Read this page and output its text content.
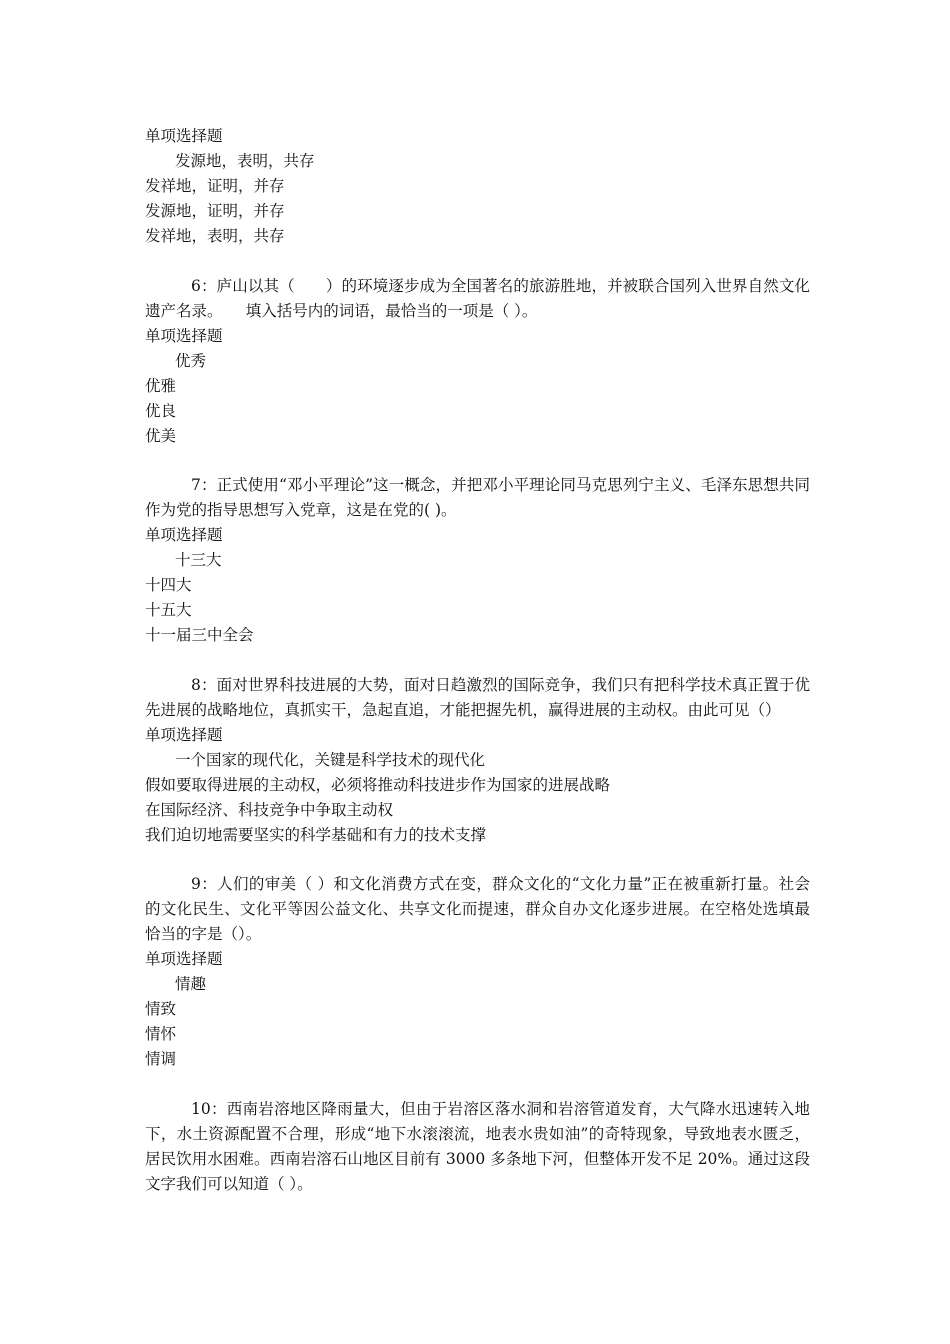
单项选择题
发源地，表明，共存
发祥地，证明，并存
发源地，证明，并存
发祥地，表明，共存
6：庐山以其（　　）的环境逐步成为全国著名的旅游胜地，并被联合国列入世界自然文化遗产名录。　　填入括号内的词语，最恰当的一项是（ ）。
单项选择题
优秀
优雅
优良
优美
7：正式使用“邓小平理论”这一概念，并把邓小平理论同马克思列宁主义、毛泽东思想共同作为党的指导思想写入党章，这是在党的( )。
单项选择题
十三大
十四大
十五大
十一届三中全会
8：面对世界科技进展的大势，面对日趋激烈的国际竞争，我们只有把科学技术真正置于优先进展的战略地位，真抓实干，急起直追，才能把握先机，赢得进展的主动权。由此可见（）
单项选择题
一个国家的现代化，关键是科学技术的现代化
假如要取得进展的主动权，必须将推动科技进步作为国家的进展战略
在国际经济、科技竞争中争取主动权
我们迫切地需要坚实的科学基础和有力的技术支撑
9：人们的审美（ ）和文化消费方式在变，群众文化的“文化力量”正在被重新打量。社会的文化民生、文化平等因公益文化、共享文化而提速，群众自办文化逐步进展。在空格处选填最恰当的字是（）。
单项选择题
情趣
情致
情怀
情调
10：西南岩溶地区降雨量大，但由于岩溶区落水洞和岩溶管道发育，大气降水迅速转入地下，水土资源配置不合理，形成“地下水滚滚流，地表水贵如油”的奇特现象，导致地表水匮乏，居民饮用水困难。西南岩溶石山地区目前有 3000 多条地下河，但整体开发不足 20%。通过这段文字我们可以知道（ ）。
